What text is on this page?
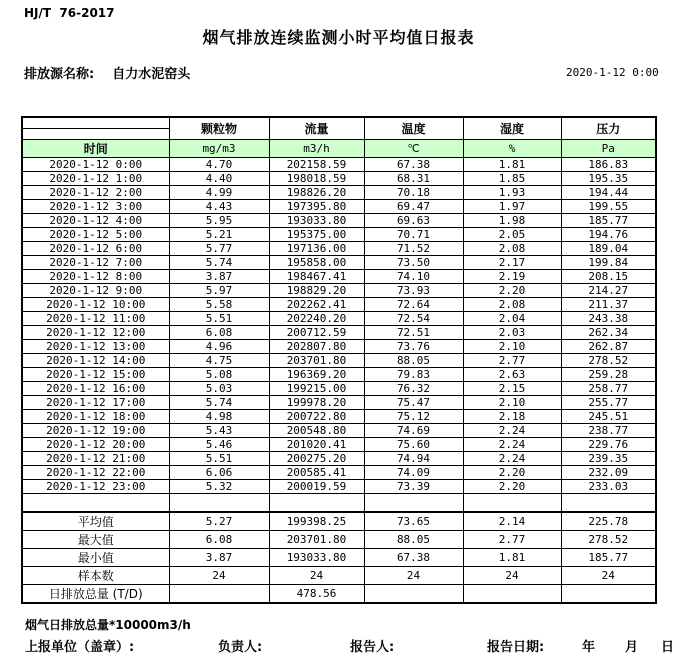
HJ/T  76-2017
烟气排放连续监测小时平均值日报表
排放源名称: 自力水泥窑头	2020-1-12 0:00
	颗粒物	流量	温度	湿度	压力

时间	mg/m3	m3/h	℃	%	Pa
2020-1-12 0:00	4.70	202158.59	67.38	1.81	186.83
2020-1-12 1:00	4.40	198018.59	68.31	1.85	195.35
2020-1-12 2:00	4.99	198826.20	70.18	1.93	194.44
2020-1-12 3:00	4.43	197395.80	69.47	1.97	199.55
2020-1-12 4:00	5.95	193033.80	69.63	1.98	185.77
2020-1-12 5:00	5.21	195375.00	70.71	2.05	194.76
2020-1-12 6:00	5.77	197136.00	71.52	2.08	189.04
2020-1-12 7:00	5.74	195858.00	73.50	2.17	199.84
2020-1-12 8:00	3.87	198467.41	74.10	2.19	208.15
2020-1-12 9:00	5.97	198829.20	73.93	2.20	214.27
2020-1-12 10:00	5.58	202262.41	72.64	2.08	211.37
2020-1-12 11:00	5.51	202240.20	72.54	2.04	243.38
2020-1-12 12:00	6.08	200712.59	72.51	2.03	262.34
2020-1-12 13:00	4.96	202807.80	73.76	2.10	262.87
2020-1-12 14:00	4.75	203701.80	88.05	2.77	278.52
2020-1-12 15:00	5.08	196369.20	79.83	2.63	259.28
2020-1-12 16:00	5.03	199215.00	76.32	2.15	258.77
2020-1-12 17:00	5.74	199978.20	75.47	2.10	255.77
2020-1-12 18:00	4.98	200722.80	75.12	2.18	245.51
2020-1-12 19:00	5.43	200548.80	74.69	2.24	238.77
2020-1-12 20:00	5.46	201020.41	75.60	2.24	229.76
2020-1-12 21:00	5.51	200275.20	74.94	2.24	239.35
2020-1-12 22:00	6.06	200585.41	74.09	2.20	232.09
2020-1-12 23:00	5.32	200019.59	73.39	2.20	233.03

平均值	5.27	199398.25	73.65	2.14	225.78
最大值	6.08	203701.80	88.05	2.77	278.52
最小值	3.87	193033.80	67.38	1.81	185.77
样本数	24	24	24	24	24
日排放总量 (T/D)		478.56			
烟气日排放总量*10000m3/h
上报单位（盖章）:	负责人:	报告人:	报告日期:	年 月 日
